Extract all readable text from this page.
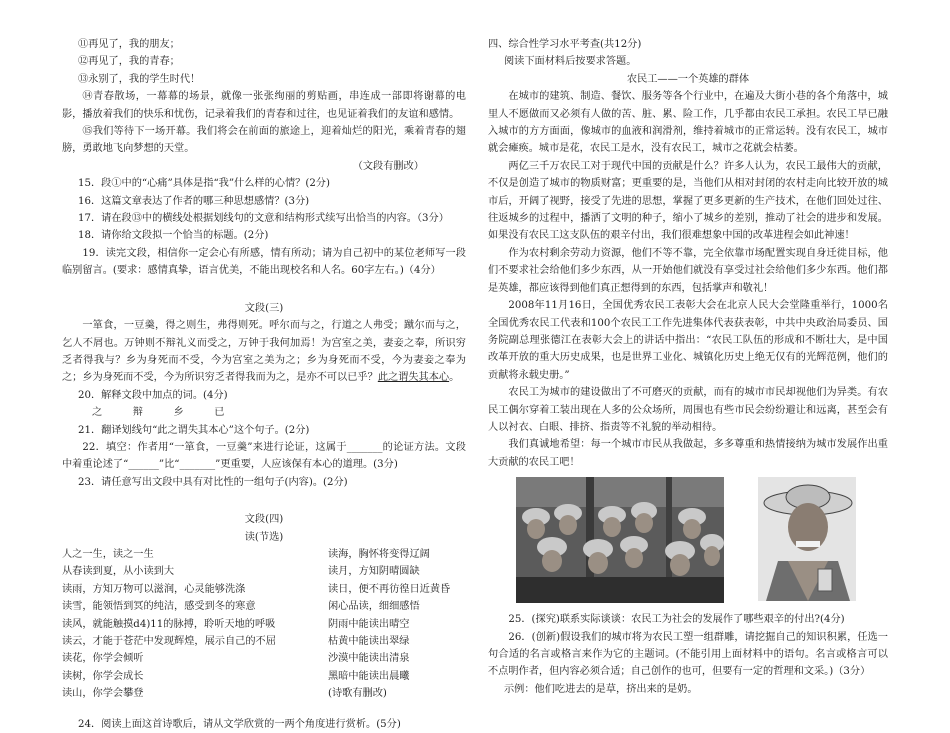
⑪再见了，我的朋友；
⑫再见了，我的青春；
⑬永别了，我的学生时代！
⑭青春散场，一幕幕的场景，就像一张张绚丽的剪贴画，串连成一部即将谢幕的电影，播放着我们的快乐和忧伤，记录着我们的青春和过往，也见证着我们的友谊和感情。
⑮我们等待下一场开幕。我们将会在前面的旅途上，迎着灿烂的阳光，乘着青春的翅膀，勇敢地飞向梦想的天堂。
（文段有删改）
15．段①中的“心痛”具体是指“我”什么样的心情？(2分)
16．这篇文章表达了作者的哪三种思想感情？(3分)
17．请在段⑬中的横线处根据划线句的文意和结构形式续写出恰当的内容。（3分）
18．请你给文段拟一个恰当的标题。(2分)
19．读完文段，相信你一定会心有所感，情有所动；请为自己初中的某位老师写一段临别留言。(要求：感情真挚，语言优美，不能出现校名和人名。60字左右。)（4分）
文段(三)
一箪食，一豆羹，得之则生，弗得则死。呼尔而与之，行道之人弗受；蹴尔而与之，乞人不屑也。万钟则不辩礼义而受之，万钟于我何加焉！为宫室之美，妻妾之奉，所识穷乏者得我与？乡为身死而不受，今为宫室之美为之；乡为身死而不受，今为妻妾之奉为之；乡为身死而不受，今为所识穷乏者得我而为之，是亦不可以已乎？此之谓失其本心。
20．解释文段中加点的词。(4分)
之　　　辩　　　乡　　　已
21．翻译划线句“此之谓失其本心”这个句子。(2分)
22．填空：作者用“一箪食，一豆羹”来进行论证，这属于_______的论证方法。文段中着重论述了“______”比“_______”更重要，人应该保有本心的道理。(3分)
23．请任意写出文段中具有对比性的一组句子(内容)。(2分)
文段(四)
读(节选)
人之一生，读之一生	读海，胸怀将变得辽阔
从春读到夏，从小读到大	读月，方知阴晴圆缺
读雨，方知万物可以滋润，心灵能够洗涤	读日，便不再彷徨日近黄昏
读雪，能领悟到冥的纯洁，感受到冬的寒意	闲心品读，细细感悟
读风，就能触摸d4)11的脉搏，聆听天地的呼吸	阴雨中能读出晴空
读云，才能于苍茫中发现辉煌，展示自己的不屈	枯黄中能读出翠绿
读花，你学会倾听	沙漠中能读出清泉
读树，你学会成长	黑暗中能读出晨曦
读山，你学会攀登	(诗歌有删改)
24．阅读上面这首诗歌后，请从文学欣赏的一两个角度进行赏析。(5分)
四、综合性学习水平考查(共12分)
阅读下面材料后按要求答题。
农民工——一个英雄的群体
在城市的建筑、制造、餐饮、服务等各个行业中，在遍及大街小巷的各个角落中，城里人不愿做而又必须有人做的苦、脏、累、险工作，几乎都由农民工承担。农民工早已融入城市的方方面面，像城市的血液和润滑剂，维持着城市的正常运转。没有农民工，城市就会瘫痪。城市是花，农民工是水，没有农民工，城市之花就会枯萎。
两亿三千万农民工对于现代中国的贡献是什么？许多人认为，农民工最伟大的贡献，不仅是创造了城市的物质财富；更重要的是，当他们从相对封闭的农村走向比较开放的城市后，开阔了视野，接受了先进的思想，掌握了更多更新的生产技术，在他们回处过往、往返城乡的过程中，播洒了文明的种子，缩小了城乡的差别，推动了社会的进步和发展。如果没有农民工这支队伍的艰辛付出，我们很难想象中国的改革进程会如此神速！
作为农村剩余劳动力资源，他们不等不靠，完全依靠市场配置实现自身迁徙目标，他们不要求社会给他们多少东西，从一开始他们就没有享受过社会给他们多少东西。他们都是英雄，都应该得到他们真正想得到的东西，包括掌声和敬礼！
2008年11月16日，全国优秀农民工表彰大会在北京人民大会堂隆重举行，1000名全国优秀农民工代表和100个农民工工作先进集体代表获表彰，中共中央政治局委员、国务院副总理张德江在表彰大会上的讲话中指出：“农民工队伍的形成和不断壮大，是中国改革开放的重大历史成果，也是世界工业化、城镇化历史上绝无仅有的光辉范例，他们的贡献将永载史册。”
农民工为城市的建设做出了不可磨灭的贡献，而有的城市市民却视他们为异类。有农民工偶尔穿着工装出现在人多的公众场所，周围也有些市民会纷纷避让和远离，甚至会有人以衬衣、白眼、排挤、指责等不礼貌的举动相待。
我们真诚地希望：每一个城市市民从我做起，多多尊重和热情接纳为城市发展作出重大贡献的农民工吧！
25．(探究)联系实际谈谈：农民工为社会的发展作了哪些艰辛的付出?(4分)
26．(创新)假设我们的城市将为农民工塑一组群雕，请挖掘自己的知识积累，任选一句合适的名言或格言来作为它的主题词。(不能引用上面材料中的语句。名言或格言可以不点明作者，但内容必须合适；自己创作的也可，但要有一定的哲理和文采。)（3分）
示例：他们吃进去的是草，挤出来的是奶。
